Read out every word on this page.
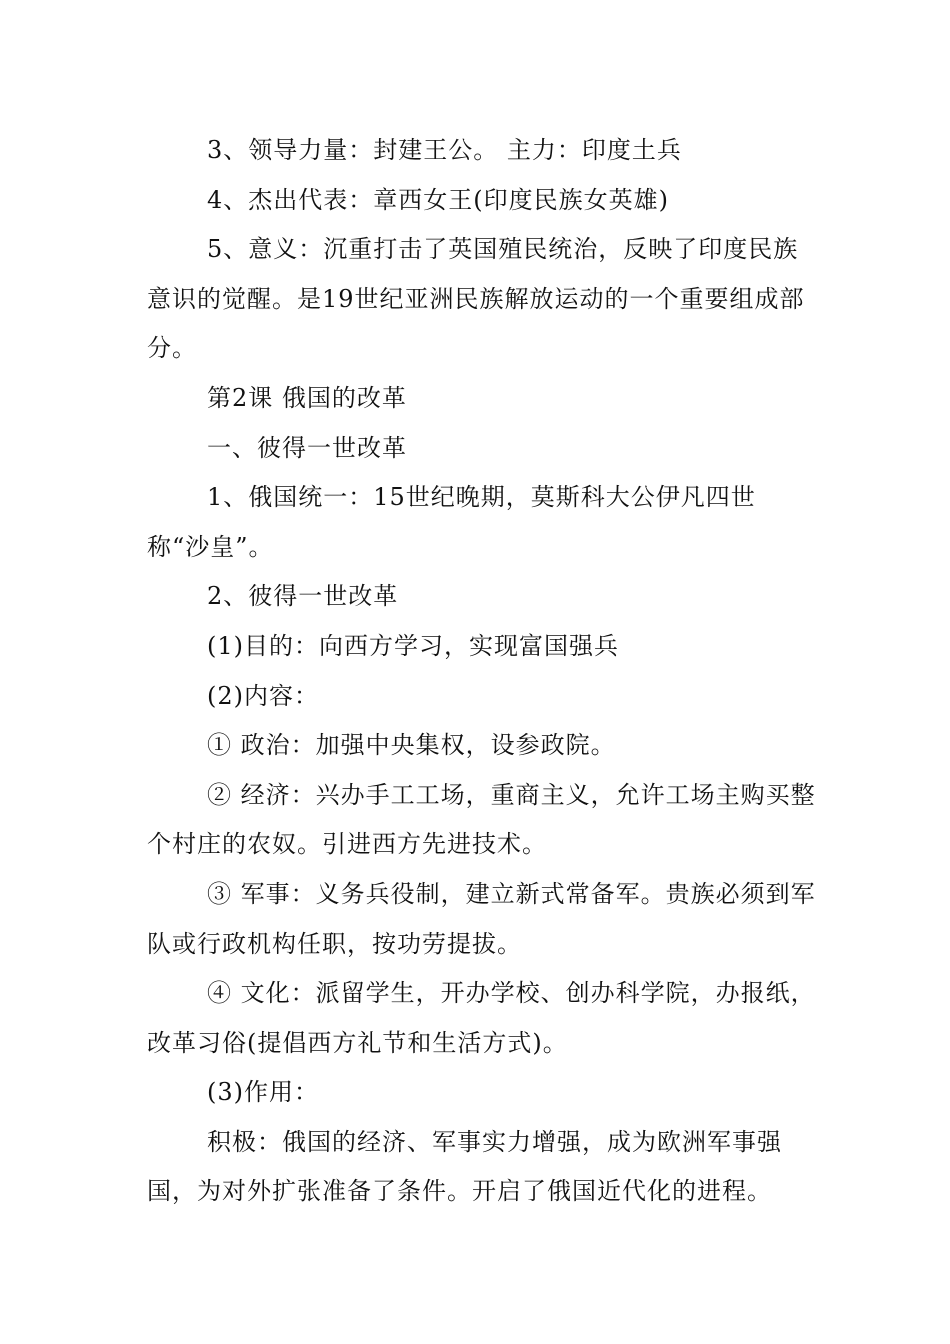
3、领导力量：封建王公。 主力：印度土兵

4、杰出代表：章西女王(印度民族女英雄)

5、意义：沉重打击了英国殖民统治，反映了印度民族意识的觉醒。是19世纪亚洲民族解放运动的一个重要组成部分。

第2课 俄国的改革

一、彼得一世改革

1、俄国统一：15世纪晚期，莫斯科大公伊凡四世称“沙皇”。

2、彼得一世改革

(1)目的：向西方学习，实现富国强兵

(2)内容：

① 政治：加强中央集权，设参政院。

② 经济：兴办手工工场，重商主义，允许工场主购买整个村庄的农奴。引进西方先进技术。

③ 军事：义务兵役制，建立新式常备军。贵族必须到军队或行政机构任职，按功劳提拔。

④ 文化：派留学生，开办学校、创办科学院，办报纸，改革习俗(提倡西方礼节和生活方式)。

(3)作用：

积极：俄国的经济、军事实力增强，成为欧洲军事强国，为对外扩张准备了条件。开启了俄国近代化的进程。
